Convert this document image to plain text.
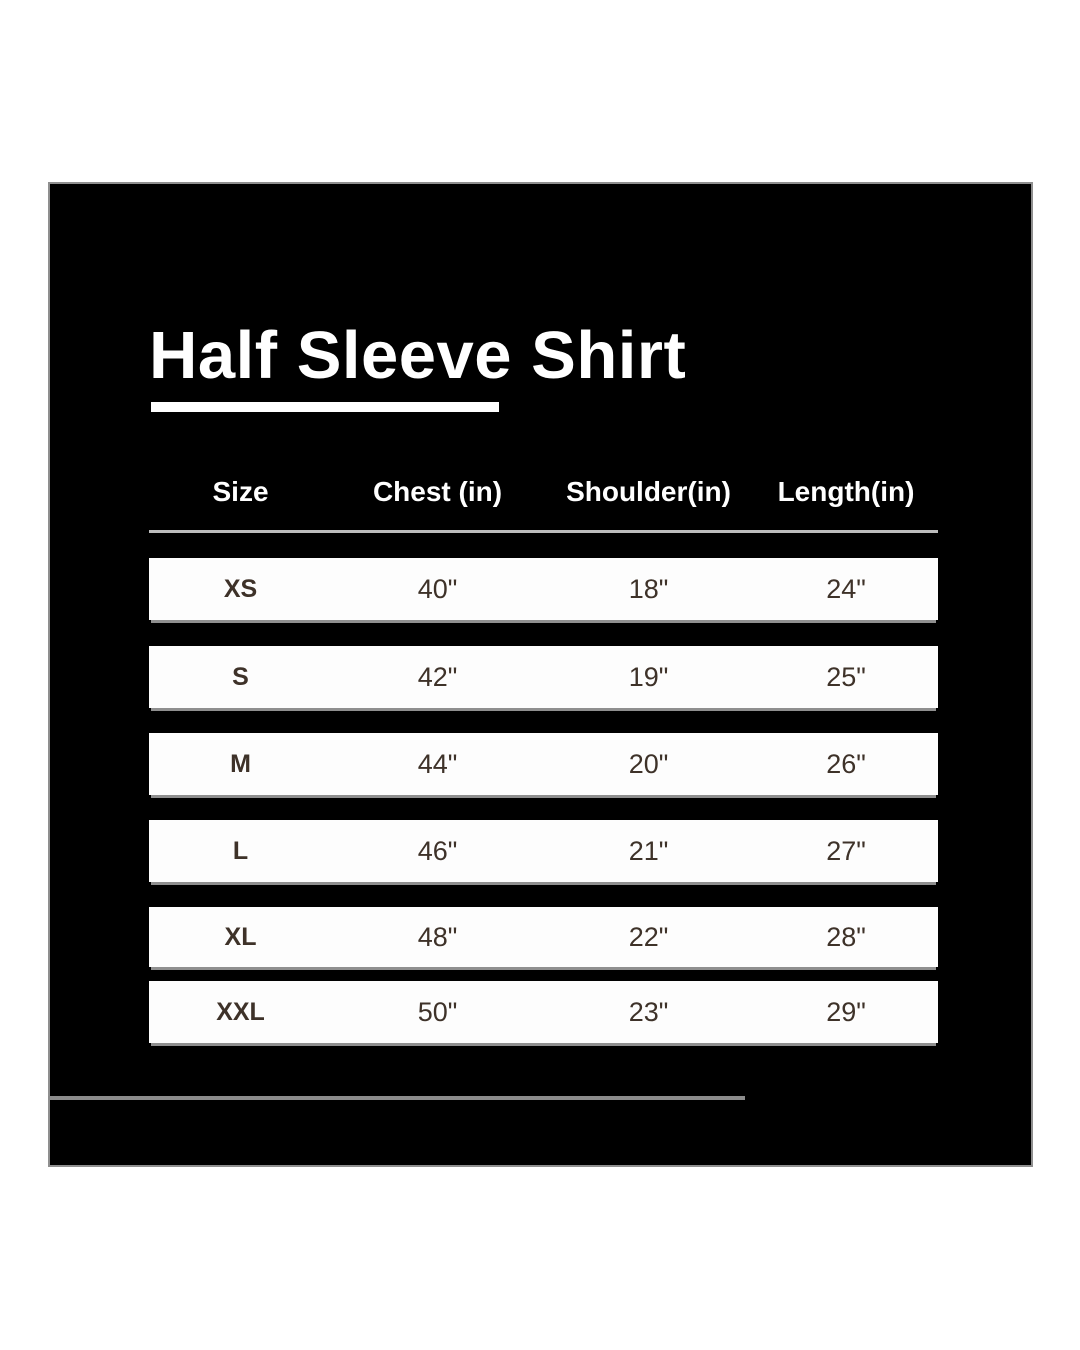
Half Sleeve Shirt
Size	Chest (in)	Shoulder(in)	Length(in)
XS	40"	18"	24"
S	42"	19"	25"
M	44"	20"	26"
L	46"	21"	27"
XL	48"	22"	28"
XXL	50"	23"	29"
